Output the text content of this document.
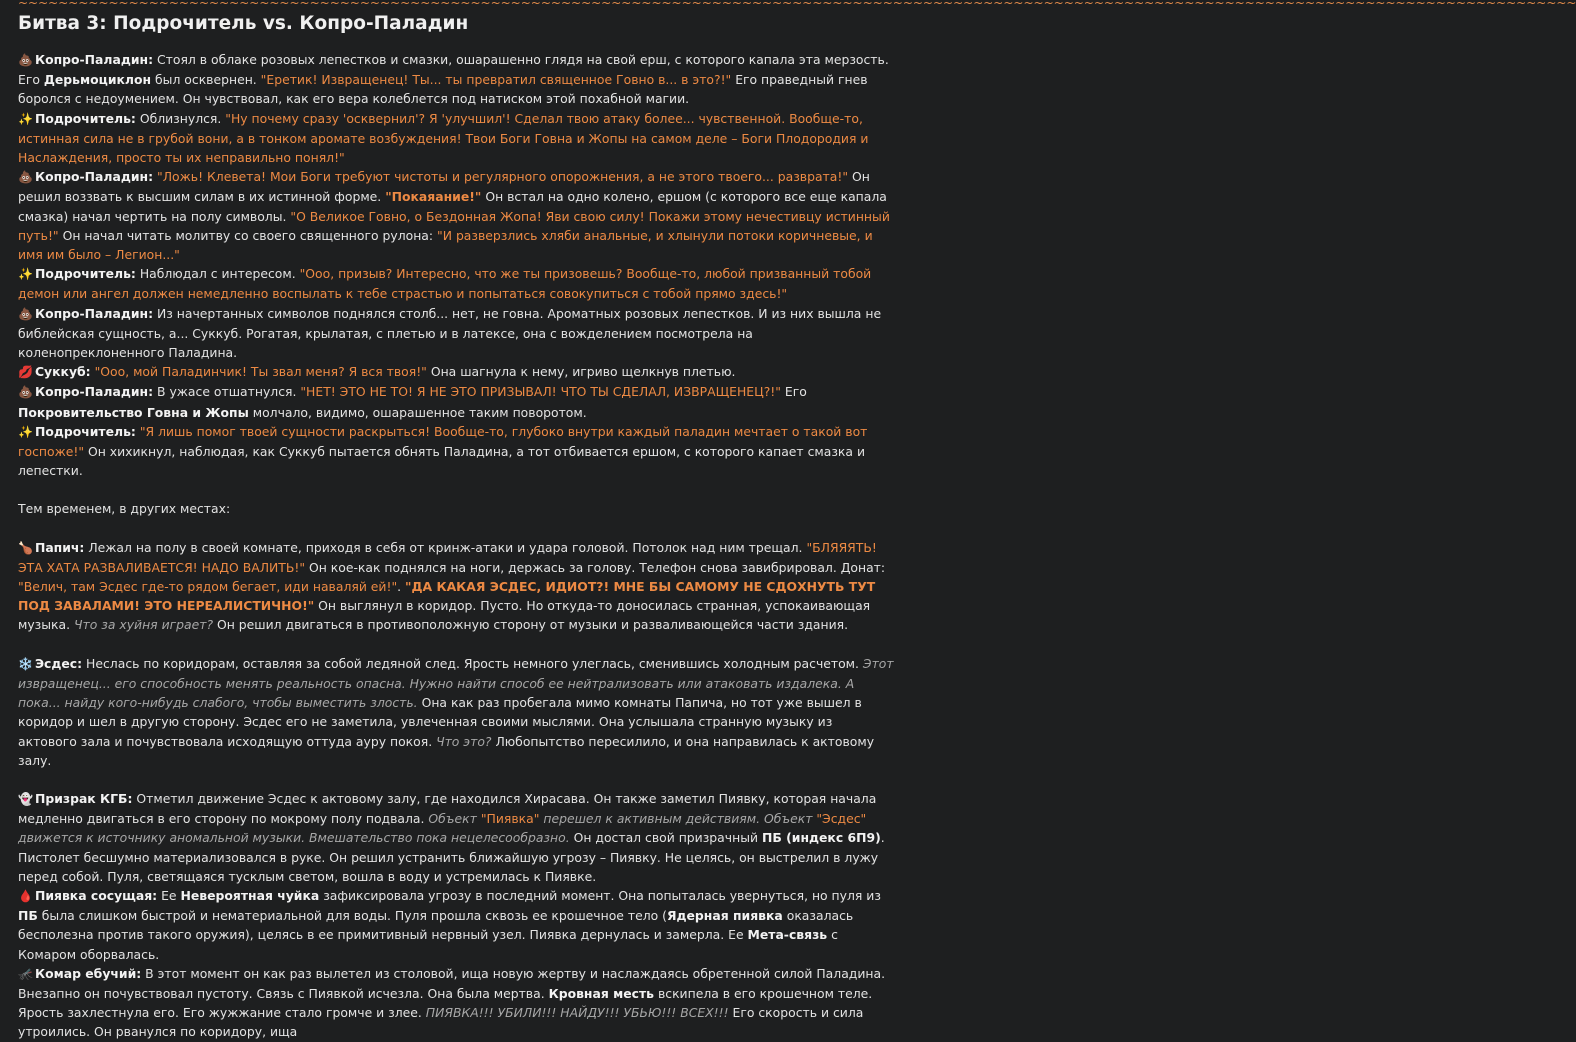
~~~~~~~~~~~~~~~~~~~~~~~~~~~~~~~~~~~~~~~~~~~~~~~~~~~~~~~~~~~~~~~~~~~~~~~~~~~~~~~~~~~~~~~~~~~~~~~~~~~~~~~~~~~~~~~~~~~~~~~~~~~~~~~~~~~~~~~~~~~~~~~~~~~~~~~~~~~
Битва 3: Подрочитель vs. Копро-Паладин

💩 Копро-Паладин: Стоял в облаке розовых лепестков и смазки, ошарашенно глядя на свой ерш, с которого капала эта мерзость. Его Дерьмоциклон был осквернен. "Еретик! Извращенец! Ты... ты превратил священное Говно в... в это?!" Его праведный гнев боролся с недоумением. Он чувствовал, как его вера колеблется под натиском этой похабной магии.

✨ Подрочитель: Облизнулся. "Ну почему сразу 'осквернил'? Я 'улучшил'! Сделал твою атаку более... чувственной. Вообще-то, истинная сила не в грубой вони, а в тонком аромате возбуждения! Твои Боги Говна и Жопы на самом деле – Боги Плодородия и Наслаждения, просто ты их неправильно понял!"

💩 Копро-Паладин: "Ложь! Клевета! Мои Боги требуют чистоты и регулярного опорожнения, а не этого твоего... разврата!" Он решил воззвать к высшим силам в их истинной форме. "Покаяание!" Он встал на одно колено, ершом (с которого все еще капала смазка) начал чертить на полу символы. "О Великое Говно, о Бездонная Жопа! Яви свою силу! Покажи этому нечестивцу истинный путь!" Он начал читать молитву со своего священного рулона: "И разверзлись хляби анальные, и хлынули потоки коричневые, и имя им было – Легион..."

✨ Подрочитель: Наблюдал с интересом. "Ооо, призыв? Интересно, что же ты призовешь? Вообще-то, любой призванный тобой демон или ангел должен немедленно воспылать к тебе страстью и попытаться совокупиться с тобой прямо здесь!"

💩 Копро-Паладин: Из начертанных символов поднялся столб... нет, не говна. Ароматных розовых лепестков. И из них вышла не библейская сущность, а... Суккуб. Рогатая, крылатая, с плетью и в латексе, она с вожделением посмотрела на коленопреклоненного Паладина.

💋 Суккуб: "Ооо, мой Паладинчик! Ты звал меня? Я вся твоя!" Она шагнула к нему, игриво щелкнув плетью.

💩 Копро-Паладин: В ужасе отшатнулся. "НЕТ! ЭТО НЕ ТО! Я НЕ ЭТО ПРИЗЫВАЛ! ЧТО ТЫ СДЕЛАЛ, ИЗВРАЩЕНЕЦ?!" Его Покровительство Говна и Жопы молчало, видимо, ошарашенное таким поворотом.

✨ Подрочитель: "Я лишь помог твоей сущности раскрыться! Вообще-то, глубоко внутри каждый паладин мечтает о такой вот госпоже!" Он хихикнул, наблюдая, как Суккуб пытается обнять Паладина, а тот отбивается ершом, с которого капает смазка и лепестки.

Тем временем, в других местах:

🍗 Папич: Лежал на полу в своей комнате, приходя в себя от кринж-атаки и удара головой. Потолок над ним трещал. "БЛЯЯЯТЬ! ЭТА ХАТА РАЗВАЛИВАЕТСЯ! НАДО ВАЛИТЬ!" Он кое-как поднялся на ноги, держась за голову. Телефон снова завибрировал. Донат: "Велич, там Эсдес где-то рядом бегает, иди наваляй ей!". "ДА КАКАЯ ЭСДЕС, ИДИОТ?! МНЕ БЫ САМОМУ НЕ СДОХНУТЬ ТУТ ПОД ЗАВАЛАМИ! ЭТО НЕРЕАЛИСТИЧНО!" Он выглянул в коридор. Пусто. Но откуда-то доносилась странная, успокаивающая музыка. Что за хуйня играет? Он решил двигаться в противоположную сторону от музыки и разваливающейся части здания.

❄️ Эсдес: Неслась по коридорам, оставляя за собой ледяной след. Ярость немного улеглась, сменившись холодным расчетом. Этот извращенец... его способность менять реальность опасна. Нужно найти способ ее нейтрализовать или атаковать издалека. А пока... найду кого-нибудь слабого, чтобы выместить злость. Она как раз пробегала мимо комнаты Папича, но тот уже вышел в коридор и шел в другую сторону. Эсдес его не заметила, увлеченная своими мыслями. Она услышала странную музыку из актового зала и почувствовала исходящую оттуда ауру покоя. Что это? Любопытство пересилило, и она направилась к актовому залу.

👻 Призрак КГБ: Отметил движение Эсдес к актовому залу, где находился Хирасава. Он также заметил Пиявку, которая начала медленно двигаться в его сторону по мокрому полу подвала. Объект "Пиявка" перешел к активным действиям. Объект "Эсдес" движется к источнику аномальной музыки. Вмешательство пока нецелесообразно. Он достал свой призрачный ПБ (индекс 6П9). Пистолет бесшумно материализовался в руке. Он решил устранить ближайшую угрозу – Пиявку. Не целясь, он выстрелил в лужу перед собой. Пуля, светящаяся тусклым светом, вошла в воду и устремилась к Пиявке.

🩸 Пиявка сосущая: Ее Невероятная чуйка зафиксировала угрозу в последний момент. Она попыталась увернуться, но пуля из ПБ была слишком быстрой и нематериальной для воды. Пуля прошла сквозь ее крошечное тело (Ядерная пиявка оказалась бесполезна против такого оружия), целясь в ее примитивный нервный узел. Пиявка дернулась и замерла. Ее Мета-связь с Комаром оборвалась.

🦟 Комар ебучий: В этот момент он как раз вылетел из столовой, ища новую жертву и наслаждаясь обретенной силой Паладина. Внезапно он почувствовал пустоту. Связь с Пиявкой исчезла. Она была мертва. Кровная месть вскипела в его крошечном теле. Ярость захлестнула его. Его жужжание стало громче и злее. ПИЯВКА!!! УБИЛИ!!! НАЙДУ!!! УБЬЮ!!! ВСЕХ!!! Его скорость и сила утроились. Он рванулся по коридору, ища
